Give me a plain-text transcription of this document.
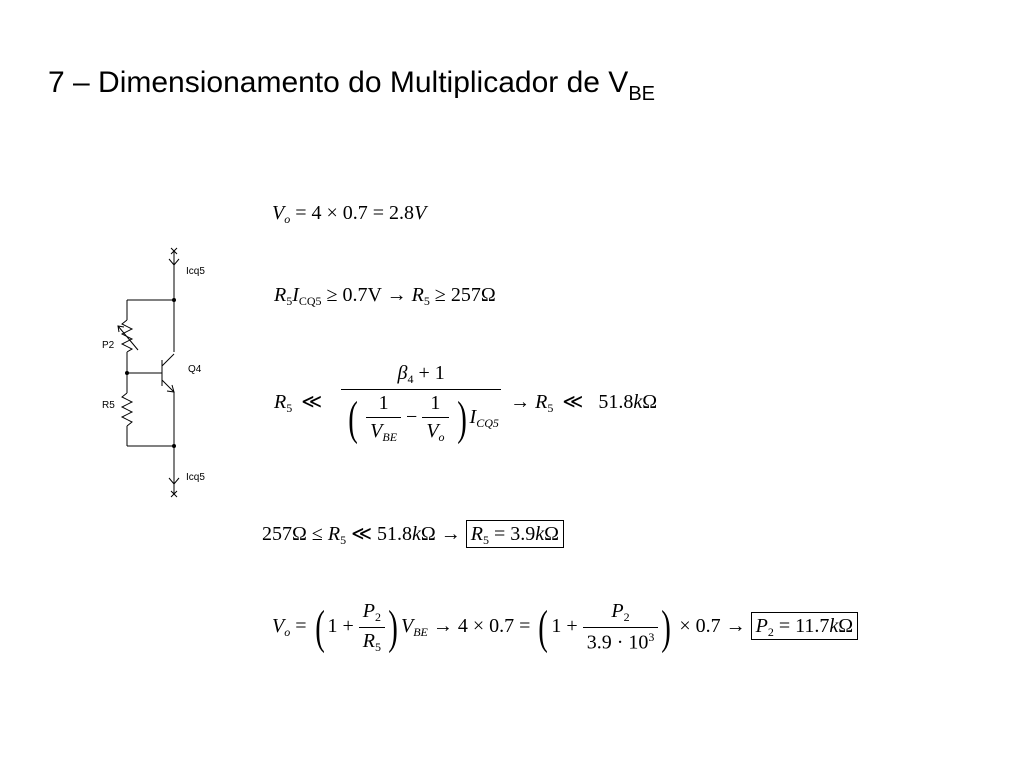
7 – Dimensionamento do Multiplicador de $V_{BE}$
Icq5
P2
Q4
R5
Icq5
$V_o = 4 \times 0.7 = 2.8V$
$R_5I_{CQ5} \ge 0.7V \to R_5 \ge 257\Omega$
$R_5$ ≪ $\frac{\beta_4 + 1}{( \frac{1}{V_{BE}} - \frac{1}{V_o} ) I_{CQ5}} \to R_5$ ≪ 51.8kΩ
$257\Omega \le R_5$ ≪ $51.8k\Omega \to R_5 = 3.9k\Omega$
$V_o$ = ( $1 + \frac{P_2}{R_5}$ ) $V_{BE} \to 4 \times 0.7$ = ( $1 + \frac{P_2}{3.9 \cdot 10^3}$ ) × $0.7 \to P_2 = 11.7k\Omega$
